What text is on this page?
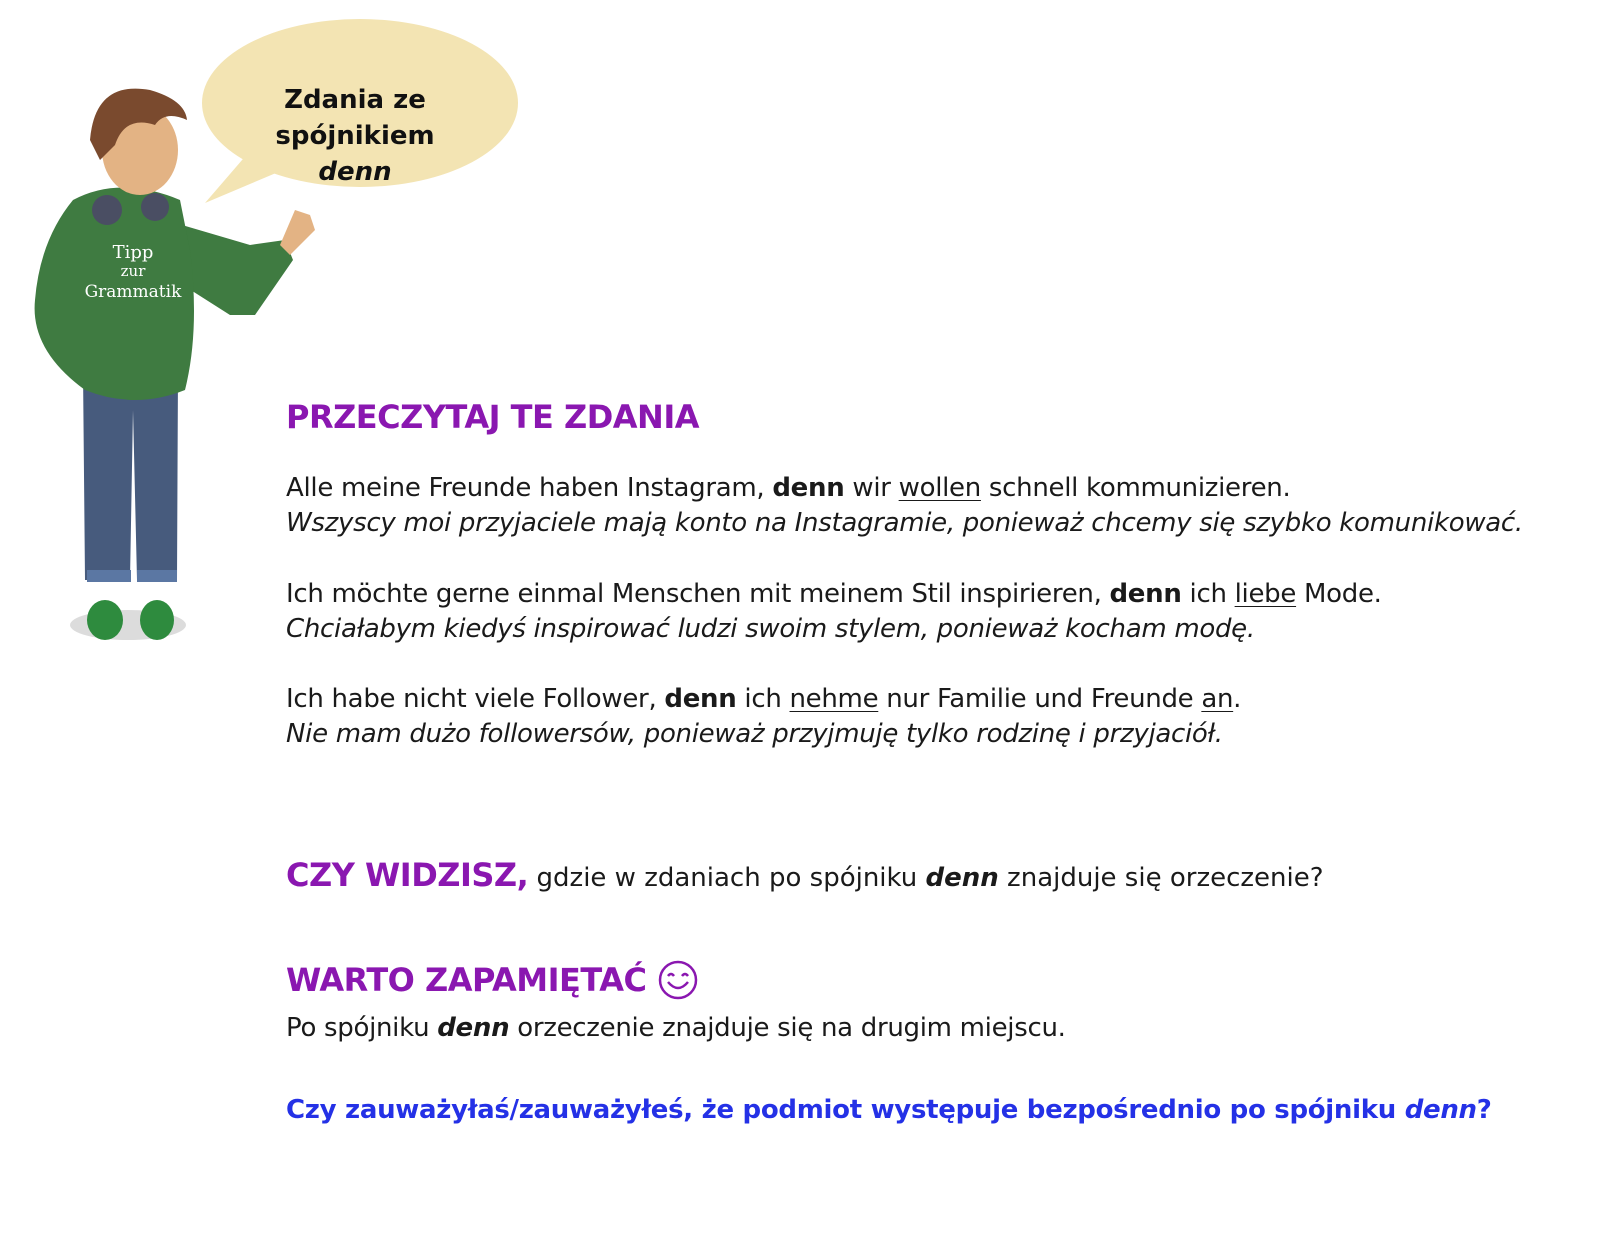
Zdania ze spójnikiem
denn
Tipp
zur
Grammatik
PRZECZYTAJ TE ZDANIA
Alle meine Freunde haben Instagram, denn wir wollen schnell kommunizieren.
Wszyscy moi przyjaciele mają konto na Instagramie, ponieważ chcemy się szybko komunikować.
Ich möchte gerne einmal Menschen mit meinem Stil inspirieren, denn ich liebe Mode.
Chciałabym kiedyś inspirować ludzi swoim stylem, ponieważ kocham modę.
Ich habe nicht viele Follower, denn ich nehme nur Familie und Freunde an.
Nie mam dużo followersów, ponieważ przyjmuję tylko rodzinę i przyjaciół.
CZY WIDZISZ, gdzie w zdaniach po spójniku denn znajduje się orzeczenie?
WARTO ZAPAMIĘTAĆ
Po spójniku denn orzeczenie znajduje się na drugim miejscu.
Czy zauważyłaś/zauważyłeś, że podmiot występuje bezpośrednio po spójniku denn?
